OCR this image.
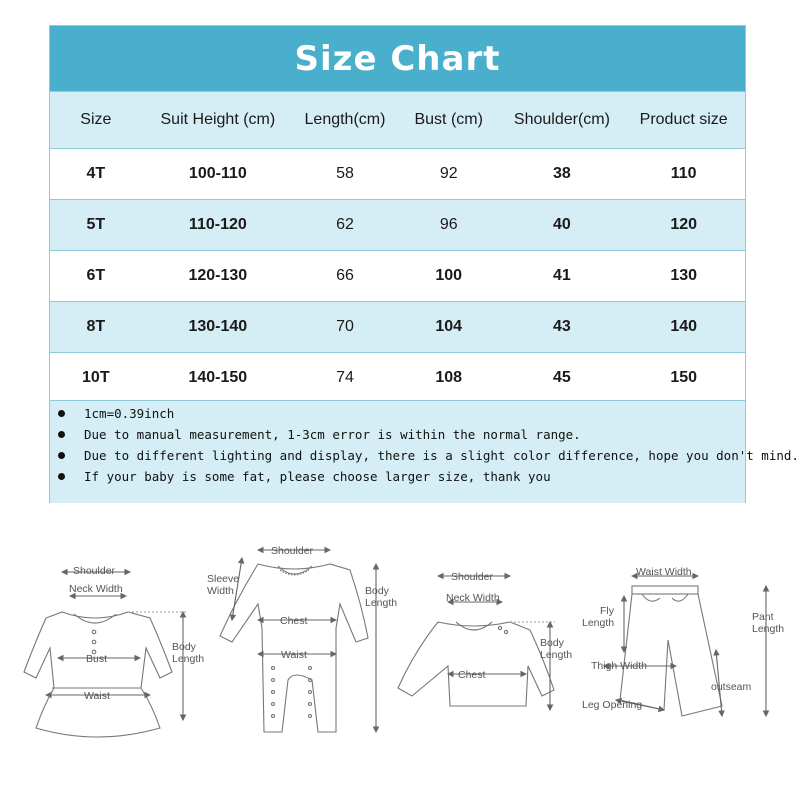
Size Chart
Size	Suit Height (cm)	Length(cm)	Bust (cm)	Shoulder(cm)	Product size
4T	100-110	58	92	38	110
5T	110-120	62	96	40	120
6T	120-130	66	100	41	130
8T	130-140	70	104	43	140
10T	140-150	74	108	45	150
1cm=0.39inch
Due to manual measurement, 1-3cm error is within the normal range.
Due to different lighting and display, there is a slight color difference, hope you don't mind.
If your baby is some fat, please choose larger size, thank you
Shoulder
Neck Width
Bust
Waist
Body
Length
Shoulder
Sleeve
Width
Chest
Waist
Body
Length
Shoulder
Neck Width
Chest
Body
Length
Waist Width
Fly
Length
Thigh Width
Leg Opening
outseam
Pant
Length
